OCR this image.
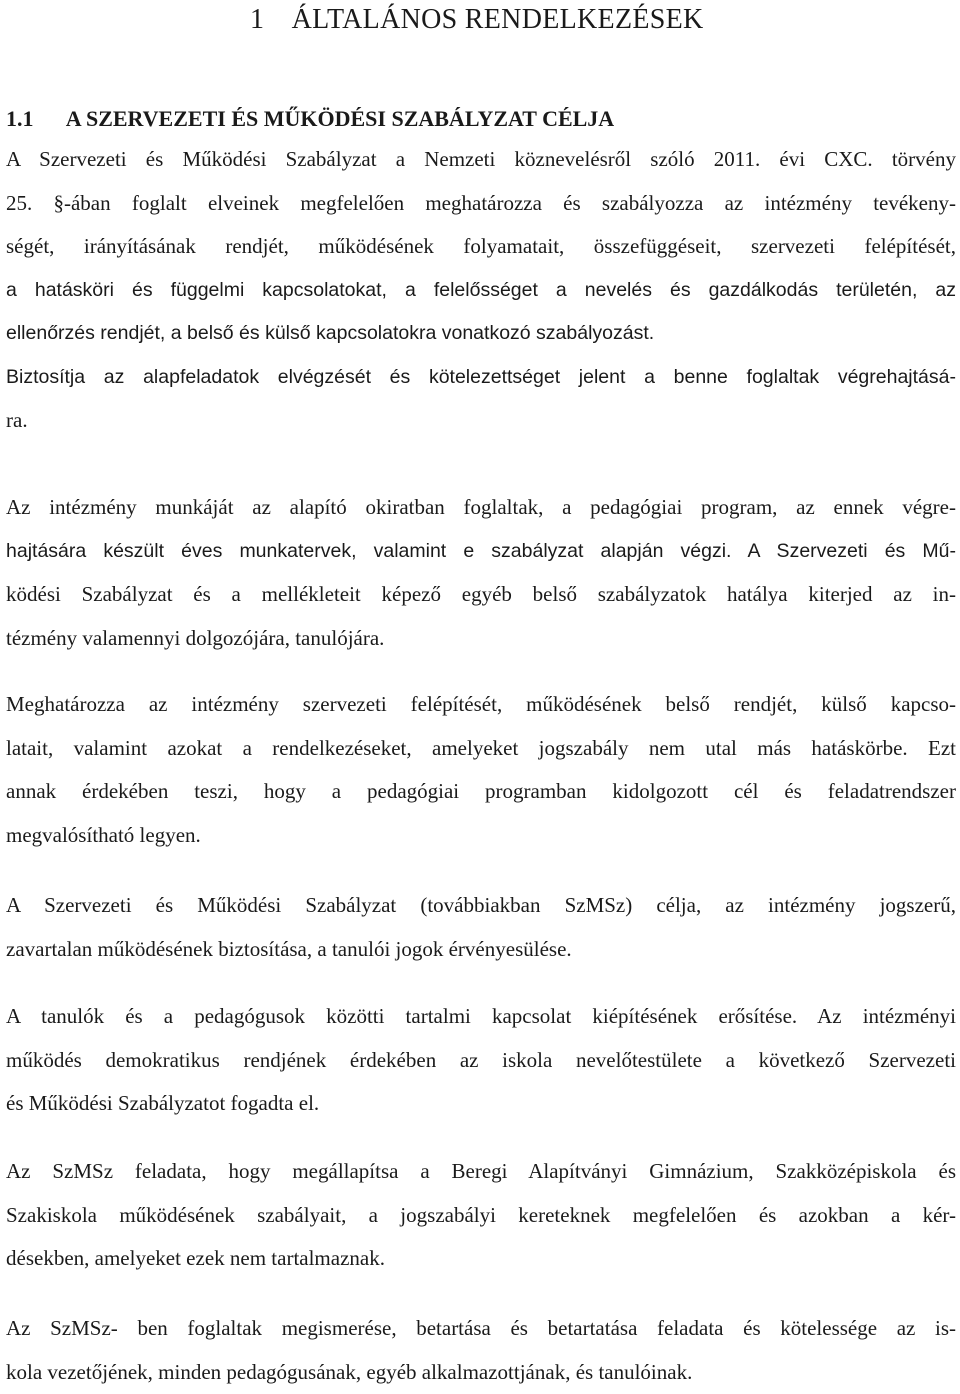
1 ÁLTALÁNOS RENDELKEZÉSEK
1.1 A SZERVEZETI ÉS MŰKÖDÉSI SZABÁLYZAT CÉLJA
A Szervezeti és Működési Szabályzat a Nemzeti köznevelésről szóló 2011. évi CXC. törvény
25. §-ában foglalt elveinek megfelelően meghatározza és szabályozza az intézmény tevékeny-
ségét, irányításának rendjét, működésének folyamatait, összefüggéseit, szervezeti felépítését,
a hatásköri és függelmi kapcsolatokat, a felelősséget a nevelés és gazdálkodás területén, az
ellenőrzés rendjét, a belső és külső kapcsolatokra vonatkozó szabályozást.
Biztosítja az alapfeladatok elvégzését és kötelezettséget jelent a benne foglaltak végrehajtásá-
ra.
Az intézmény munkáját az alapító okiratban foglaltak, a pedagógiai program, az ennek végre-
hajtására készült éves munkatervek, valamint e szabályzat alapján végzi. A Szervezeti és Mű-
ködési Szabályzat és a mellékleteit képező egyéb belső szabályzatok hatálya kiterjed az in-
tézmény valamennyi dolgozójára, tanulójára.
Meghatározza az intézmény szervezeti felépítését, működésének belső rendjét, külső kapcso-
latait, valamint azokat a rendelkezéseket, amelyeket jogszabály nem utal más hatáskörbe. Ezt
annak érdekében teszi, hogy a pedagógiai programban kidolgozott cél és feladatrendszer
megvalósítható legyen.
A Szervezeti és Működési Szabályzat (továbbiakban SzMSz) célja, az intézmény jogszerű,
zavartalan működésének biztosítása, a tanulói jogok érvényesülése.
A tanulók és a pedagógusok közötti tartalmi kapcsolat kiépítésének erősítése. Az intézményi
működés demokratikus rendjének érdekében az iskola nevelőtestülete a következő Szervezeti
és Működési Szabályzatot fogadta el.
Az SzMSz feladata, hogy megállapítsa a Beregi Alapítványi Gimnázium, Szakközépiskola és
Szakiskola működésének szabályait, a jogszabályi kereteknek megfelelően és azokban a kér-
désekben, amelyeket ezek nem tartalmaznak.
Az SzMSz- ben foglaltak megismerése, betartása és betartatása feladata és kötelessége az is-
kola vezetőjének, minden pedagógusának, egyéb alkalmazottjának, és tanulóinak.
